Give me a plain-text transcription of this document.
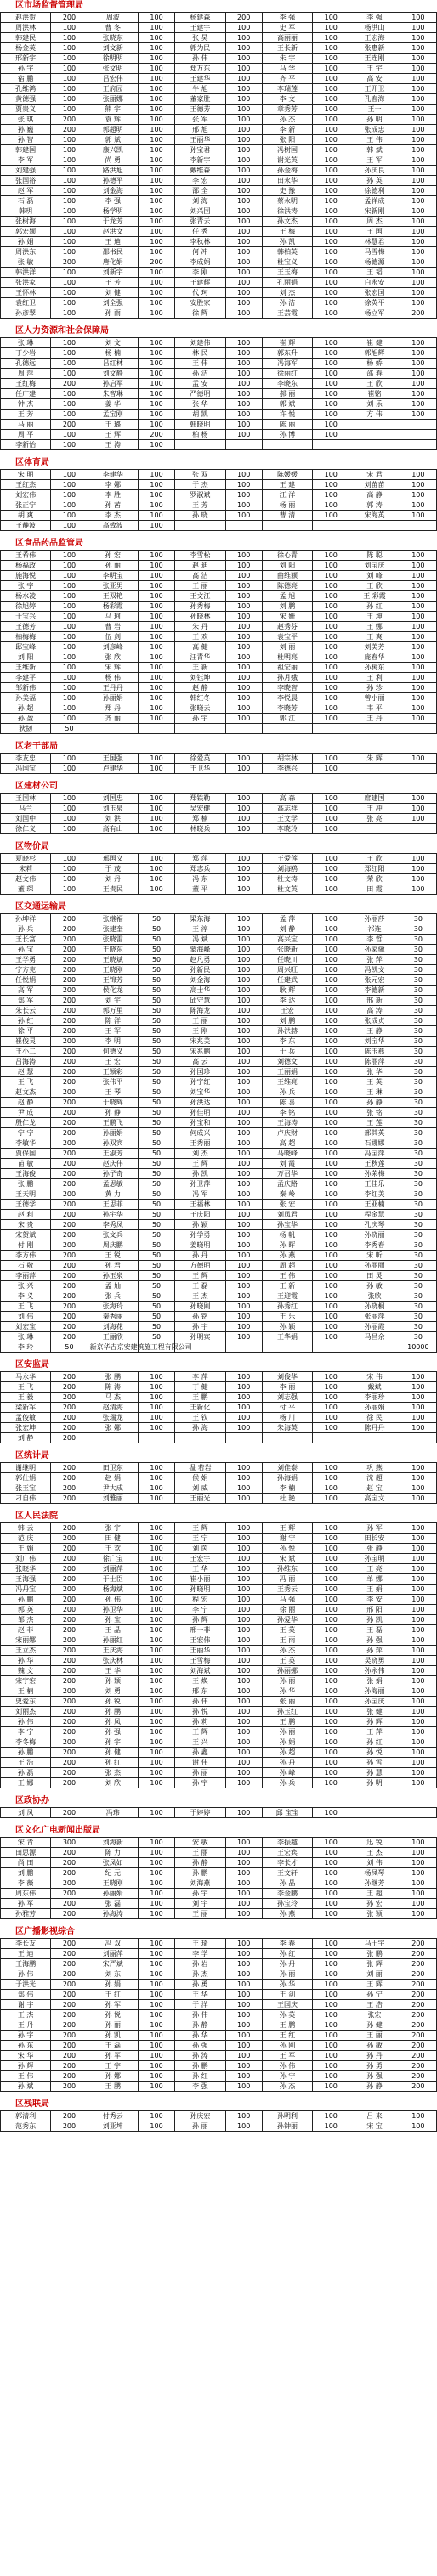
区市场监督管理局
赵洪贺	200	周波	100	杨建森	200	李 强	100	李 强	100
周洪林	100	曹 冬	100	王建宇	100	史 军	100	杨洪山	100
韩建民	100	张晓东	100	张 昊	100	高丽丽	100	王宏海	100
杨金英	100	刘文新	100	郭为民	100	王长新	100	张惠新	100
邢新宇	100	徐明明	100	孙 伟	100	朱 宇	100	王连刚	100
孙 宇	100	张文明	100	郑万东	100	马 学	100	王 宇	100
宿 鹏	100	吕宏伟	100	王建华	100	齐 平	100	高 安	100
孔维鸿	100	王府园	100	牛 旭	100	李瑞莲	100	王开卫	100
黄德强	100	张丽娜	100	董家胜	100	李 文	100	孔春海	100
贾贵义	100	熊 宇	100	王德芳	100	章秀芳	100	王一	100
张 琪	200	袁 辉	100	张 军	100	孙 杰	100	孙 明	100
孙 巍	200	郭超明	100	邢 旭	100	李 新	100	张成忠	100
孙 智	100	郭 斌	100	王丽华	100	张 阳	100	王 伟	100
韩建国	100	康兴凯	100	孙宝君	100	冯树国	100	韩 斌	100
李 军	100	尚 勇	100	李新宇	100	谢光英	100	王 军	100
刘建强	100	路洪旭	100	戴维森	100	孙金梅	100	孙庆良	100
张国裕	100	孙德平	100	李 宏	100	田永华	100	孙 英	100
赵 军	100	刘金海	100	邵 全	100	史 豫	100	徐德利	100
石 磊	100	李 强	100	刘 海	100	蔡永明	100	孟祥成	100
韩玥	100	杨学明	100	刘兴国	100	徐洪涛	100	宋新刚	100
张树海	100	于龙芳	100	张青云	100	孙文杰	100	周 杰	100
郭宏颖	100	赵洪文	100	任 秀	100	王 梅	100	王 国	100
孙 娟	100	王 迪	100	李秋林	100	孙 凯	100	林慧君	100
周洪东	100	邵书民	100	何 冲	100	韩柏英	100	马雪梅	100
张 敏	200	唐化娟	200	李成娟	100	杜宝义	100	杨德源	100
韩洪洋	100	刘新宇	100	李 刚	100	王玉梅	100	王 韬	100
张洪家	100	王 芳	100	王建辉	100	孔丽娟	100	白永安	100
王怀林	100	刘 健	100	代 珂	100	刘 杰	100	张宏国	100
袁红卫	100	刘全强	100	安胜家	100	孙 洁	100	徐英平	100
孙彦翠	100	孙 雨	100	徐 辉	100	王芸霞	100	杨立军	200
区人力资源和社会保障局
张 琳	100	刘 文	100	刘建伟	100	崔 辉	100	崔 健	100
丁少岩	100	杨 楠	100	林 民	100	郭东升	100	郭旭辉	100
孔德远	100	吕红林	100	王 伟	100	冯海军	100	杨 娇	100
周 萍	100	刘文静	100	孙 洁	100	徐丽红	100	邵 春	100
王红梅	200	孙启军	100	孟 安	100	李晓东	100	王 欣	100
任广建	100	朱智琳	100	严德明	100	郝 丽	100	崔铭	100
钟 杰	100	姜 华	100	张 华	100	郭 斌	100	刘 乐	100
王 芳	100	孟宝刚	100	胡 凯	100	许 悦	100	方 伟	100
马 丽	200	王 璐	100	韩晓明	100	陈 丽	100		
周 平	100	王 辉	200	柏 杨	100	孙 博	100		
李新怡	100	王 涛	100						
区体育局
宋 明	100	李建华	100	张 双	100	陈媛媛	100	宋 君	100
王红杰	100	李 娜	100	于 杰	100	王 建	100	刘苗苗	100
刘宏伟	100	李 胜	100	罗淑斌	100	江 洋	100	高 静	100
张正宁	100	孙 茜	100	王 芳	100	杨 丽	100	郭 涛	100
胡 爽	100	李 杰	100	孙 晓	100	曹 清	100	宋海英	100
王静波	100	高致波	100						
区食品药品监管局
王希伟	100	孙 宏	100	李雪松	100	徐心青	100	陈 聪	100
杨福政	100	孙 丽	100	赵 迪	100	刘 阳	100	刘宝庆	100
施海悦	100	李明宝	100	高 洁	100	曲维颖	100	刘 峰	100
张 宇	100	张亚男	100	王 丽	100	陈德亮	100	王 欣	100
杨水凌	100	王双艳	100	王文江	100	孟 旭	100	王 彩霞	100
徐旭婷	100	杨彩霞	100	孙秀梅	100	刘 鹏	100	孙 红	100
于宝兴	100	马 珂	100	孙晓林	100	宋 姗	100	王 坤	100
王德芳	100	曹 岩	100	朱 丹	100	赵秀芬	100	王 娜	100
柏梅梅	100	伍 剑	100	王 欢	100	袁宝平	100	王 爽	100
邸宝峰	100	刘彦峰	100	高 健	100	刘 丽	100	刘美芳	100
刘 阳	100	张 欣	100	汪青华	100	杜明亮	100	庞春华	100
王维新	100	宋 辉	100	王 新	100	祖宏丽	100	孙树东	100
李建平	100	杨 伟	100	刘钰坤	100	孙月娥	100	王 利	100
邹新伟	100	王丹丹	100	赵 静	100	李晓智	100	孙 珍	100
孙美福	100	孙丽娟	100	韩红冬	100	李悦晨	100	曾小丽	100
孙 超	100	郑 丹	100	张晓云	100	李晓芳	100	韦 平	100
孙 盈	100	齐 丽	100	孙 宇	100	郭 江	100	王 丹	100
狄韧	50								
区老干部局
李友忠	100	王国强	100	徐爱英	100	胡宗林	100	朱 辉	100
冯国宝	100	卢建华	100	王卫华	100	李德兴	100		
区建材公司
王国林	100	刘国忠	100	郑铁勒	100	高 森	100	席建国	100
马兰	100	刘玉泉	100	吴宏健	100	高志祥	100	王 冲	100
刘国中	100	刘 洪	100	郑 楠	100	王文学	100	张 亮	100
徐仁义	100	高有山	100	林晓兵	100	李晓玲	100		
区物价局
夏晓杉	100	邢国义	100	郑 萍	100	王爱莲	100	王 欣	100
宋莉	100	于 茂	100	郑志兵	100	刘海鸥	100	郑红阳	100
赵文伟	100	刘 丹	100	冯 东	100	杜文涛	100	荣 欣	100
董 琛	100	王贵民	100	董 平	100	杜文英	100	田 霞	100
区交通运输局
孙坤祥	200	张继福	50	梁东海	100	孟 萍	100	孙丽莎	30
孙 兵	200	张建奎	50	王 淳	100	刘 静	100	祁连	30
王长富	200	张晓雷	50	冯 斌	100	高兴宝	100	李 哲	30
孙 宝	200	王晓东	50	蒙海峰	100	张晓新	100	孙家骥	30
王学勇	200	王晓斌	50	赵凡勇	100	任晓川	100	张 萍	30
宁方克	200	王晓刚	50	孙新民	100	周兴旺	100	冯凯文	30
任悦娟	200	王锦芳	50	刘金海	100	任建武	100	张元宏	30
高 军	200	侯化龙	50	高士华	100	耿 辉	100	李德新	30
郑 军	200	刘 宇	50	邱守慧	100	李 达	100	邢 新	30
朱长云	200	郭万里	50	陈海龙	100	王宏	100	高 涛	30
孙 红	200	陈 洋	50	王 丽	100	刘 鹏	100	张成贞	30
徐 平	200	王 军	50	王 刚	100	孙洪赫	100	王 静	30
崔俊灵	200	李 明	50	宋兆美	100	李 东	100	刘宝华	30
王小二	200	何德义	50	宋兆鹏	100	于 兵	100	陈玉燕	30
吕海涛	200	王 宏	50	高 云	100	刘德文	100	陈丽萍	30
赵 慧	200	王颖彩	50	孙国珍	100	王丽娟	100	张 华	30
王 飞	200	张伟平	50	孙宇红	100	王维亮	100	王 英	30
赵文杰	200	王 琴	50	刘宝华	100	孙 兵	100	王 琳	30
赵 静	200	于晓辉	50	孙洪达	100	陈 喜	100	孙 静	30
尹 成	200	孙 静	50	孙佳明	100	李 铭	100	张 铭	30
殷仁龙	200	王鹏飞	50	孙宝和	100	王海涛	100	王 莲	30
宁 宁	200	孙丽娟	50	何成兴	100	卢庆财	100	邢其英	30
李敏华	200	孙双宾	50	王秀丽	100	高 超	100	石娜娜	30
贾保国	200	王淑芳	50	刘 杰	100	马晓峰	100	冯宝萍	30
苗 敏	200	赵庆伟	50	王 辉	100	刘 霞	100	王秋莲	30
王海俊	200	孙子奇	50	孙 凯	100	万召华	100	孙荣梅	30
张 鹏	200	孟思敏	50	孙卫萍	100	孟庆路	100	王佳乐	30
王天明	200	黄 力	50	冯 军	100	秦 岭	100	李红美	30
王德学	200	王思菲	50	王福林	100	张 宏	100	王亚楠	30
赵 莉	200	孙宇华	50	王庆阳	100	刘凤君	100	程金慧	30
宋 贵	200	李秀凤	50	孙 颖	100	孙宝华	100	孔庆琴	30
宋贺斌	200	张文兵	50	孙学勇	100	杨 帆	100	孙晓丽	30
付 刚	200	周庆鹏	50	姜晓明	100	孙 晖	100	李秀春	30
李方伟	200	王 锐	50	孙 丹	100	孙 燕	100	宋 昕	30
石 敬	200	孙 君	50	方德明	100	周 超	100	孙丽丽	30
李丽萍	200	孙玉泉	50	王 辉	100	王 伟	100	田 灵	30
张 兴	200	孟 灿	50	王 磊	100	王 新	100	孙 敏	30
李 义	200	张 兵	50	王 杰	100	王迎霞	100	张欣	30
王 飞	200	张海玲	50	孙晓刚	100	孙秀红	100	孙晓桐	30
刘 伟	200	秦秀丽	50	孙 铭	100	王 乐	100	张丽萍	30
刘宏宝	200	刘海花	50	孙 宇	100	孙 颖	100	孙丽霞	30
张 琳	200	王丽欣	50	孙明宾	100	王华娟	100	马昌余	30
李 玲	50	新京华吉京安建筑施工程有限公司							10000
区安监局
马永华	200	张 鹏	100	李 萍	100	刘俊华	100	宋 伟	100
王 飞	200	陈 涛	100	丁 健	100	李 丽	100	戴斌	100
王 毅	200	马 杰	100	王 鹏	100	刘志强	100	李丽珍	100
梁新军	200	赵清海	100	王新化	100	付 平	100	孙丽娟	100
孟俊敏	200	张瑞龙	100	王 钦	100	杨 川	100	徐 民	100
张宏坤	200	张 娜	100	孙 海	100	朱海英	100	陈丹丹	100
刘 静	200								
区统计局
谢继明	200	田卫东	100	温 若岩	100	刘佳泰	100	巩 燕	100
郭仕娟	200	赵 娟	100	侯 娟	100	孙海娟	100	沈 超	100
张玉宝	200	尹大成	100	刘 威	100	李 楠	100	赵 宝	100
刁自伟	200	刘雅丽	100	王丽光	100	杜 艳	100	高宝文	100
区人民法院
韩 云	200	张 宇	100	王 辉	100	王 辉	100	孙 军	100
范 庆	200	田 健	100	王 宁	100	谢 宁	100	田长安	100
王 娟	200	王 欢	100	刘 茵	100	孙 悦	100	张 静	100
刘广伟	200	徐广宝	100	王宏宇	100	宋 斌	100	孙宝明	100
张晓华	200	刘丽萍	100	王 华	100	孙维东	100	王 亮	100
王海强	200	于士臣	100	崔小丽	100	冯 丽	100	单 娜	100
冯丹宝	200	杨海斌	100	孙晓明	100	王秀云	100	王 娟	100
孙 鹏	200	孙 伟	100	程 宏	100	马 强	100	李 安	100
郭 英	200	孙卫华	100	李 宁	100	徐 丽	100	邢 阳	100
邹 杰	200	孙 宝	100	孙 辉	100	孙爱华	100	孙 凯	100
赵 菲	200	王 晶	100	邢一菲	100	王 英	100	王 磊	100
宋丽娜	200	孙丽红	100	王宏伟	100	王 雨	100	孙 强	100
王立杰	200	王庆海	100	王丽华	100	孙 杰	100	孙 萍	100
孙 华	200	张庆林	100	王雪梅	100	王 英	100	吴晓勇	100
魏 文	200	王 华	100	刘海斌	100	孙丽娜	100	孙永伟	100
宋宇宏	200	孙 颖	100	王 焕	100	孙 丽	100	张 娟	100
王 楠	200	刘 勇	100	邢 东	100	孙 华	100	孙海丽	100
史爱东	200	孙 锐	100	孙 伟	100	张 丽	100	孙宝庆	100
刘丽杰	200	孙 鹏	100	孙 悦	100	孙玉红	100	张 健	100
孙 伟	200	孙 凤	100	孙 莉	100	王 鹏	100	孙 辉	100
李 宁	200	孙 强	100	王 辉	100	孙 丽	100	王 萍	100
李冬梅	200	孙 宇	100	王 兴	100	孙 娟	100	孙 红	100
孙 鹏	200	孙 健	100	孙 鑫	100	孙 超	100	孙 悦	100
王 浩	200	孙 红	100	谢 伟	100	孙 丹	100	孙 雪	100
孙 磊	200	张 杰	100	孙 丽	100	孙 峰	100	孙 慧	100
王 娜	200	刘 欣	100	孙 宇	100	孙 兵	100	孙 明	100
区政协办
刘 凤	200	冯玮	100	于婷婷	100	邱 宝宝	100		
区文化广电新闻出版局
宋 青	300	刘海新	100	安 敏	100	李振越	100	迅 锐	100
田思源	200	陈 力	100	王 丽	100	王宏宾	100	王 杰	100
尚 田	200	张凤如	100	孙 静	100	李长才	100	刘 伟	100
刘 鹏	200	纪 元	100	孙 鹏	100	王文轩	100	杨凤琴	100
李 薇	200	王晓刚	100	刘海燕	100	孙 晶	100	孙继芳	100
周东伟	200	孙丽娟	100	孙 宇	100	李金鹏	100	王 超	100
孙 军	200	张 磊	100	刘 宇	100	孙宝玲	100	孙 宏	100
孙雅芳	200	孙海涛	100	王 丽	100	孙 燕	100	张 颖	100
区广播影视综合
李长友	200	冯 双	100	王 琦	100	李 春	100	马士宇	200
王 迪	200	刘丽萍	100	李 学	100	孙 红	100	张 鹏	200
王海鹏	200	宋严斌	100	孙 岩	100	孙 丹	100	张 辉	200
孙 伟	200	刘 东	100	孙 杰	100	孙 丽	100	刘 丽	200
于洪光	200	孙 娟	100	孙 勇	100	孙 华	100	王 辉	200
郑 伟	200	王 红	100	王 华	100	王 剑	100	孙 宁	200
谢 宇	200	孙 军	100	于 洋	100	王国庆	100	王 浩	200
王 杰	200	孙 悦	100	孙 伟	100	孙 英	100	张宏	200
王 丹	200	孙 丽	100	孙 静	100	王 鹏	100	孙 健	200
孙 宇	200	孙 凯	100	孙 华	100	王 红	100	王 丽	200
孙 东	200	王 磊	100	孙 强	100	孙 刚	100	孙 敏	200
宋 华	200	孙 军	100	孙 涛	100	王 军	100	孙 丹	200
孙 辉	200	王 宇	100	孙 鹏	100	孙 伟	100	孙 勇	200
王 伟	200	孙 娜	100	孙 红	100	孙 宁	100	孙 强	200
孙 斌	200	王 鹏	100	李 强	100	孙 杰	100	孙 静	200
区残联局
郭清利	200	付秀云	100	孙庆宏	100	孙明利	100	吕 来	100
范秀东	200	刘亚坤	100	孙 丽	100	孙钟丽	100	宋 宝	100
